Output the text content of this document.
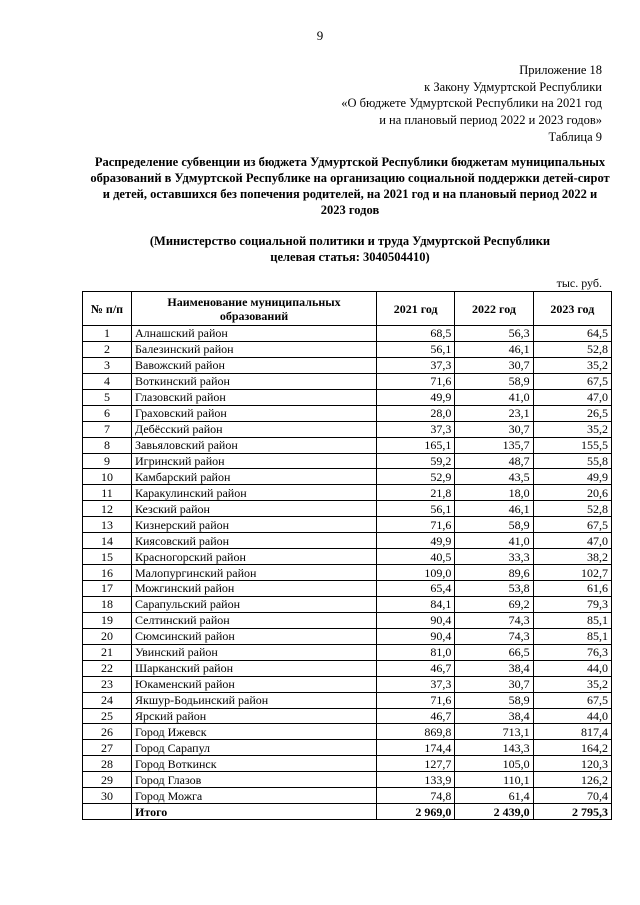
9
Приложение 18
к Закону Удмуртской Республики
«О бюджете Удмуртской Республики на 2021 год
и на плановый период 2022 и 2023 годов»
Таблица 9
Распределение субвенции из бюджета Удмуртской Республики бюджетам муниципальных образований в Удмуртской Республике на организацию социальной поддержки детей-сирот и детей, оставшихся без попечения родителей, на 2021 год и на плановый период 2022 и 2023 годов
(Министерство социальной политики и труда Удмуртской Республики
целевая статья: 3040504410)
тыс. руб.
№ п/п	Наименование муниципальных образований	2021 год	2022 год	2023 год
1	Алнашский район	68,5	56,3	64,5
2	Балезинский район	56,1	46,1	52,8
3	Вавожский район	37,3	30,7	35,2
4	Воткинский район	71,6	58,9	67,5
5	Глазовский район	49,9	41,0	47,0
6	Граховский район	28,0	23,1	26,5
7	Дебёсский район	37,3	30,7	35,2
8	Завьяловский район	165,1	135,7	155,5
9	Игринский район	59,2	48,7	55,8
10	Камбарский район	52,9	43,5	49,9
11	Каракулинский район	21,8	18,0	20,6
12	Кезский район	56,1	46,1	52,8
13	Кизнерский район	71,6	58,9	67,5
14	Киясовский район	49,9	41,0	47,0
15	Красногорский район	40,5	33,3	38,2
16	Малопургинский район	109,0	89,6	102,7
17	Можгинский район	65,4	53,8	61,6
18	Сарапульский район	84,1	69,2	79,3
19	Селтинский район	90,4	74,3	85,1
20	Сюмсинский район	90,4	74,3	85,1
21	Увинский район	81,0	66,5	76,3
22	Шарканский район	46,7	38,4	44,0
23	Юкаменский район	37,3	30,7	35,2
24	Якшур-Бодьинский район	71,6	58,9	67,5
25	Ярский район	46,7	38,4	44,0
26	Город Ижевск	869,8	713,1	817,4
27	Город Сарапул	174,4	143,3	164,2
28	Город Воткинск	127,7	105,0	120,3
29	Город Глазов	133,9	110,1	126,2
30	Город Можга	74,8	61,4	70,4
	Итого	2 969,0	2 439,0	2 795,3
